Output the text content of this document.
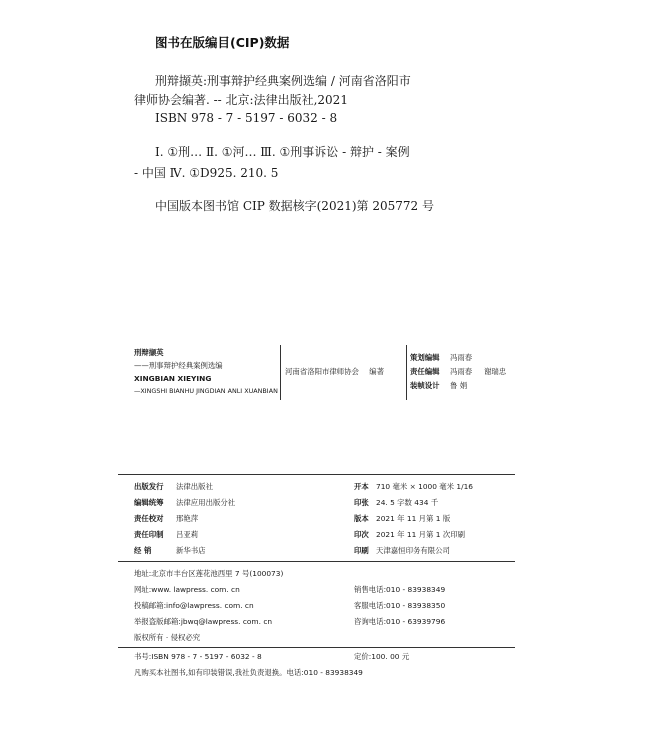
图书在版编目(CIP)数据
刑辩撷英:刑事辩护经典案例选编 / 河南省洛阳市
律师协会编著. -- 北京:法律出版社,2021
ISBN 978 - 7 - 5197 - 6032 - 8
Ⅰ. ①刑… Ⅱ. ①河… Ⅲ. ①刑事诉讼 - 辩护 - 案例
- 中国 Ⅳ. ①D925. 210. 5
中国版本图书馆 CIP 数据核字(2021)第 205772 号
刑辩撷英
——刑事辩护经典案例选编
XINGBIAN XIEYING
—XINGSHI BIANHU JINGDIAN ANLI XUANBIAN
河南省洛阳市律师协会 编著
策划编辑 冯雨春
责任编辑 冯雨春 谢瑞忠
装帧设计 鲁 娟
出版发行 法律出版社
编辑统筹 法律应用出版分社
责任校对 邢艳萍
责任印制 吕亚莉
经 销	新华书店
开本 710 毫米 × 1000 毫米 1/16
印张 24. 5 字数 434 千
版本 2021 年 11 月第 1 版
印次 2021 年 11 月第 1 次印刷
印刷 天津嘉恒印务有限公司
地址:北京市丰台区莲花池西里 7 号(100073)
网址:www. lawpress. com. cn
投稿邮箱:info@lawpress. com. cn
举报盗版邮箱:jbwq@lawpress. com. cn
版权所有 · 侵权必究
销售电话:010 - 83938349
客服电话:010 - 83938350
咨询电话:010 - 63939796
书号:ISBN 978 - 7 - 5197 - 6032 - 8	定价:100. 00 元
凡购买本社图书,如有印装错误,我社负责退换。电话:010 - 83938349
